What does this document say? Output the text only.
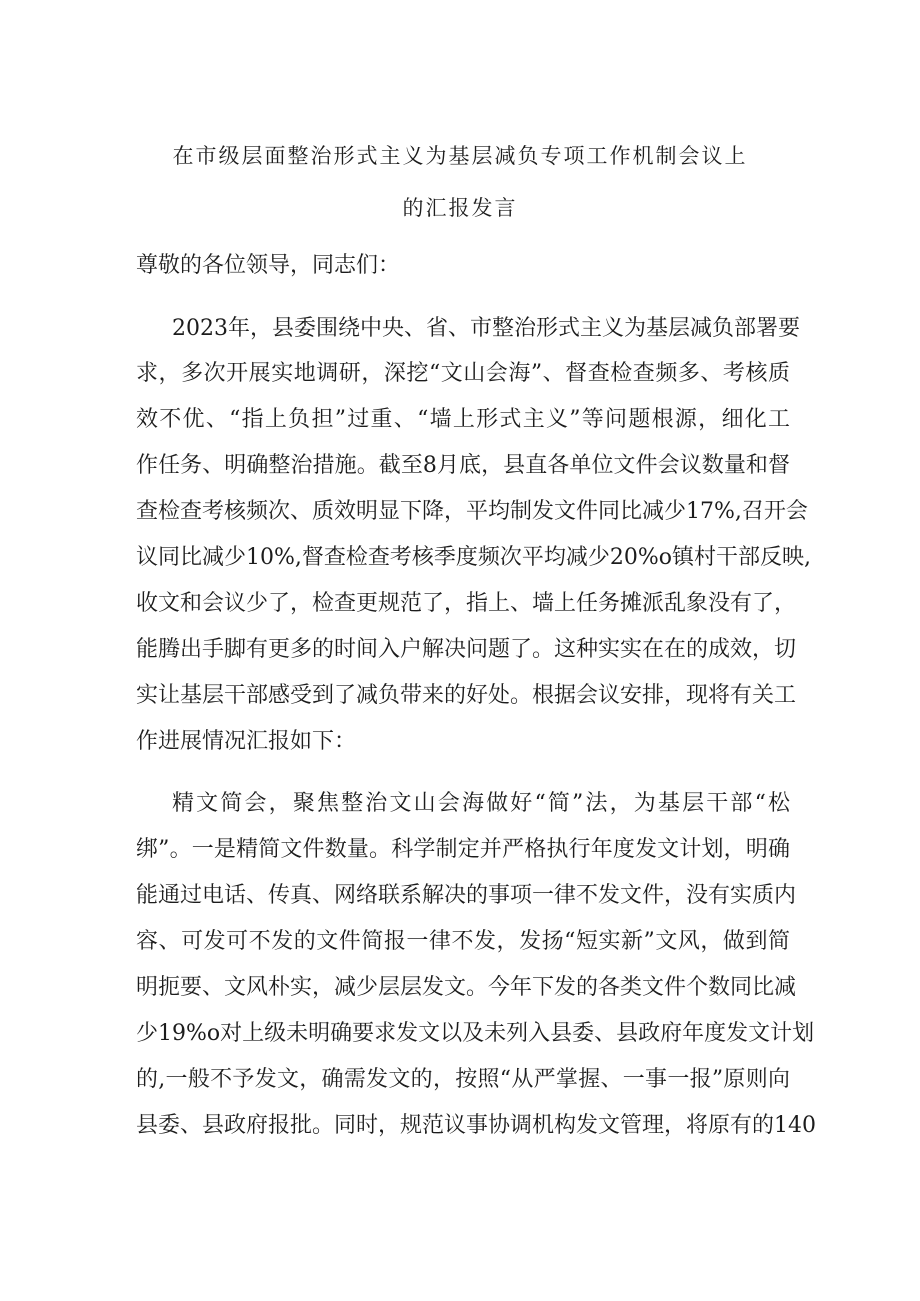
在市级层面整治形式主义为基层减负专项工作机制会议上
的汇报发言

尊敬的各位领导，同志们：

2023年，县委围绕中央、省、市整治形式主义为基层减负部署要

求，多次开展实地调研，深挖“文山会海”、督查检查频多、考核质

效不优、“指上负担”过重、“墙上形式主义”等问题根源，细化工

作任务、明确整治措施。截至8月底，县直各单位文件会议数量和督

查检查考核频次、质效明显下降，平均制发文件同比减少17%,召开会

议同比减少10%,督查检查考核季度频次平均减少20%o镇村干部反映,

收文和会议少了，检查更规范了，指上、墙上任务摊派乱象没有了，

能腾出手脚有更多的时间入户解决问题了。这种实实在在的成效，切

实让基层干部感受到了减负带来的好处。根据会议安排，现将有关工

作进展情况汇报如下：

精文简会，聚焦整治文山会海做好“简”法，为基层干部“松

绑”。一是精简文件数量。科学制定并严格执行年度发文计划，明确

能通过电话、传真、网络联系解决的事项一律不发文件，没有实质内

容、可发可不发的文件简报一律不发，发扬“短实新”文风，做到简

明扼要、文风朴实，减少层层发文。今年下发的各类文件个数同比减

少19%o对上级未明确要求发文以及未列入县委、县政府年度发文计划

的,一般不予发文，确需发文的，按照“从严掌握、一事一报”原则向

县委、县政府报批。同时，规范议事协调机构发文管理，将原有的140
